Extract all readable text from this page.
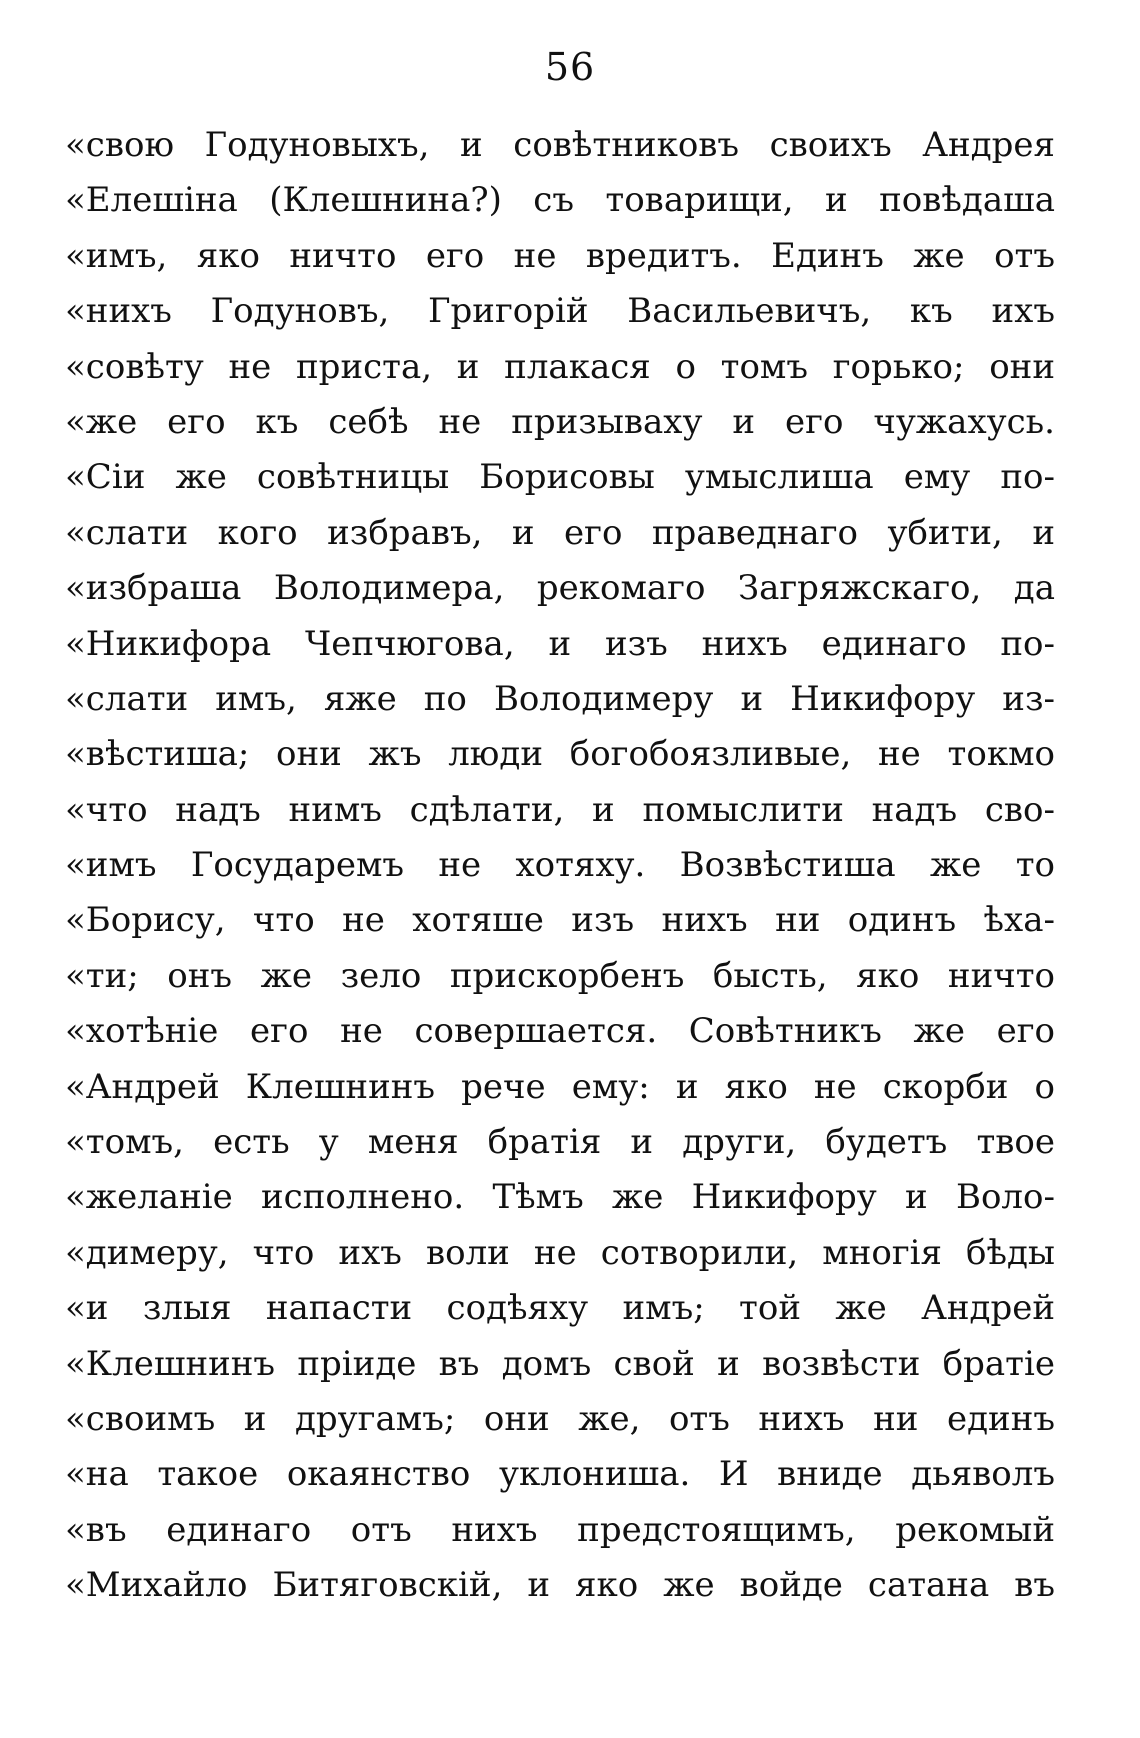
56
«свою Годуновыхъ, и совѣтниковъ своихъ Андрея
«Елешіна (Клешнина?) съ товарищи, и повѣдаша
«имъ, яко ничто его не вредитъ. Единъ же отъ
«нихъ Годуновъ, Григорій Васильевичъ, къ ихъ
«совѣту не приста, и плакася о томъ горько; они
«же его къ себѣ не призываху и его чужахусь.
«Сіи же совѣтницы Борисовы умыслиша ему по-
«слати кого избравъ, и его праведнаго убити, и
«избраша Володимера, рекомаго Загряжскаго, да
«Никифора Чепчюгова, и изъ нихъ единаго по-
«слати имъ, яже по Володимеру и Никифору из-
«вѣстиша; они жъ люди богобоязливые, не токмо
«что надъ нимъ сдѣлати, и помыслити надъ сво-
«имъ Государемъ не хотяху. Возвѣстиша же то
«Борису, что не хотяше изъ нихъ ни одинъ ѣха-
«ти; онъ же зело прискорбенъ бысть, яко ничто
«хотѣніе его не совершается. Совѣтникъ же его
«Андрей Клешнинъ рече ему: и яко не скорби о
«томъ, есть у меня братія и други, будетъ твое
«желаніе исполнено. Тѣмъ же Никифору и Воло-
«димеру, что ихъ воли не сотворили, многія бѣды
«и злыя напасти содѣяху имъ; той же Андрей
«Клешнинъ пріиде въ домъ свой и возвѣсти братіе
«своимъ и другамъ; они же, отъ нихъ ни единъ
«на такое окаянство уклониша. И вниде дьяволъ
«въ единаго отъ нихъ предстоящимъ, рекомый
«Михайло Битяговскій, и яко же войде сатана въ
